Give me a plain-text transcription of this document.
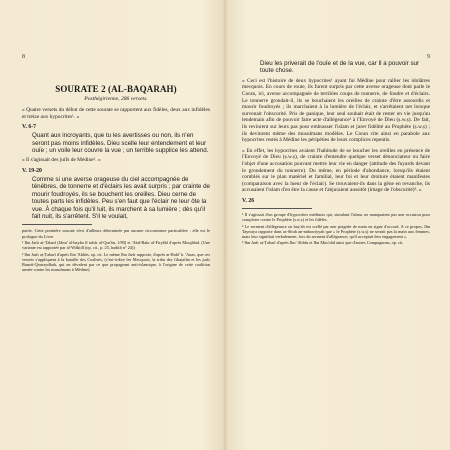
8
SOURATE 2 (AL-BAQARAH)
Posthégirienne, 286 versets.
« Quatre versets du début de cette sourate se rapportent aux fidèles, deux aux infidèles et treize aux hypocrites¹. »
V. 6-7
Quant aux incroyants, que tu les avertisses ou non, ils n'en seront pas moins infidèles. Dieu scelle leur entendement et leur ouïe ; un voile leur couvre la vue ; un terrible supplice les attend.
« Il s'agissait des juifs de Médine². »
V. 19-20
Comme si une averse orageuse du ciel accompagnée de ténèbres, de tonnerre et d'éclairs les avait surpris ; par crainte de mourir foudroyés, ils se bouchent les oreilles. Dieu cerne de toutes parts les infidèles. Peu s'en faut que l'éclair ne leur ôte la vue. À chaque fois qu'il luit, ils marchent à sa lumière ; dès qu'il fait nuit, ils s'arrêtent. S'il le voulait,
partie. Cette première sourate n'est d'ailleurs déterminée par aucune circonstance particulière : elle est le prologue du Livre.
¹ Ibn Jarîr aṭ-Ṭabarî (Jâmi' al-bayân fî tafsîr al-Qur'ân, 1/80) et 'Abd-Bakr al-Firyâbî d'après Moujâhid. (Une variante est rapportée par al-Wâḥidî (op. cit., p. 25, hadith n° 24))
² Ibn Jarîr aṭ-Ṭabarî d'après Ibn 'Abbâs, op. cit. Le même Ibn Jarîr rapporte, d'après ar-Rabî' b. 'Anas, que ces versets s'appliquent à la bataille des Coalisés, (c'est-à-dire les Mecquois, la tribu des Ghaṭafân et les juifs Banoû-Qouraydhah, qui en dévalent par ce que propageant anti-islamique, à l'origine de cette coalition armée contre les musulmans à Médine).
9
Dieu les priverait de l'ouïe et de la vue, car Il a pouvoir sur toute chose.
« Ceci est l'histoire de deux hypocrites¹ ayant fui Médine pour rallier les idolâtres mecquois. En cours de route, ils furent surpris par cette averse orageuse dont parle le Coran, ici, averse accompagnée de terribles coups de tonnerre, de foudre et d'éclairs. Le tonnerre grondait-il, ils se bouchaient les oreilles de crainte d'être assourdis et mourir foudroyés ; ils marchaient à la lumière de l'éclair, et s'arrêtaient net lorsque survenait l'obscurité. Pris de panique, leur seul souhait était de rester en vie jusqu'au lendemain afin de pouvoir faire acte d'allégeance² à l'Envoyé de Dieu (ṣ.w.ṣ). De fait, ils revinrent sur leurs pas pour embrasser l'islam et jurer fidélité au Prophète (ṣ.w.ṣ) ; ils devinrent même des musulmans modèles. Le Coran cite ainsi en parabole aux hypocrites restés à Médine les péripéties de leurs complices repentis.
« En effet, les hypocrites avaient l'habitude de se boucher les oreilles en présence de l'Envoyé de Dieu (ṣ.w.ṣ), de crainte d'entendre quelque verset dénonciateur ou faire l'objet d'une accusation pouvant mettre leur vie en danger (attitude des fuyards devant le grondement du tonnerre). Du même, en période d'abondance, lorsqu'ils étaient comblés sur le plan matériel et familial, leur foi et leur droiture étaient manifestes (comparaison avec la lueur de l'éclair). Se trouvaient-ils dans la gêne en revanche, ils accusaient l'islam d'en être la cause et l'abjuraient aussitôt (image de l'obscurité)³. »
V. 26
¹ Il s'agissait d'un groupe d'hypocrites médinois qui, simulant l'islam, ne manquaient pas une occasion pour comploter contre le Prophète (ṣ.w.ṣ) et les fidèles.
² Le serment d'allégeance ou bay'ah est scellé par une poignée de main en signe d'accord. A ce propos, Ibn Taymiya rapporte dans as-Sîrah an-nabawiyyah que « le Prophète (ṣ.w.ṣ) ne serrait pas la main aux femmes, mais leur signifiait verbalement, lors du serment d'allégeance, qu'il acceptait leur engagement ».
³ Ibn Jarîr aṭ-Ṭabarî d'après Ibn 'Abbâs et Ibn Mas'oûd ainsi que d'autres Compagnons, op. cit.
